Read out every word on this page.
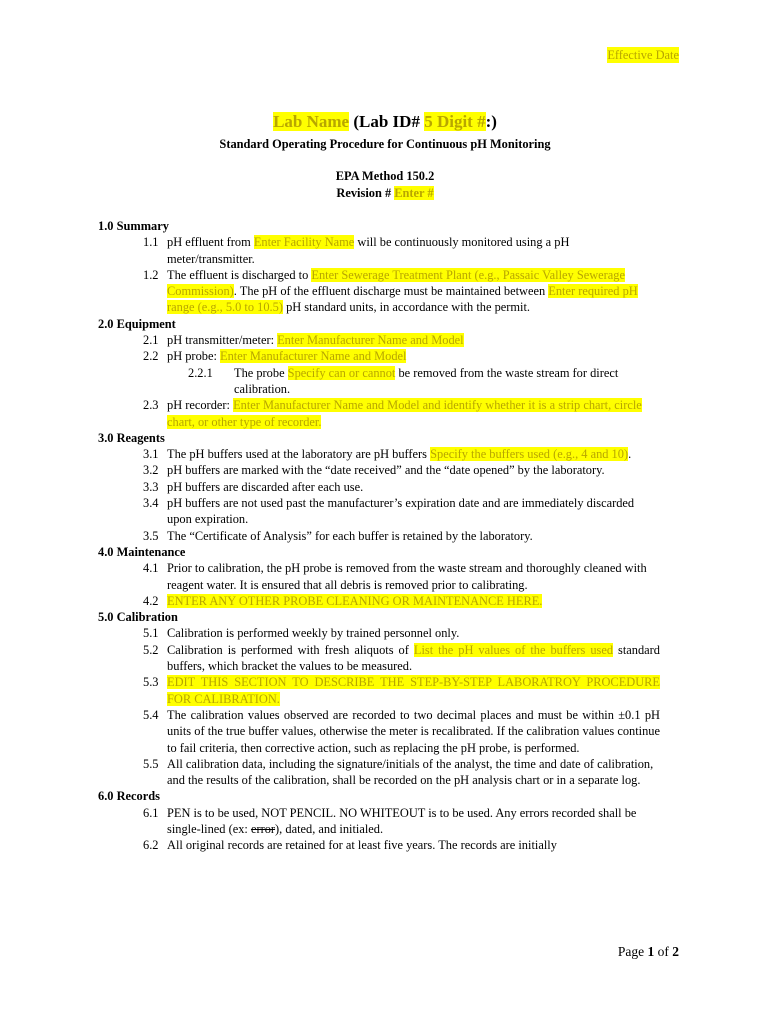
Effective Date
Lab Name (Lab ID# 5 Digit #:)
Standard Operating Procedure for Continuous pH Monitoring
EPA Method 150.2
Revision # Enter #
1.0 Summary
1.1 pH effluent from Enter Facility Name will be continuously monitored using a pH meter/transmitter.
1.2 The effluent is discharged to Enter Sewerage Treatment Plant (e.g., Passaic Valley Sewerage Commission). The pH of the effluent discharge must be maintained between Enter required pH range (e.g., 5.0 to 10.5) pH standard units, in accordance with the permit.
2.0 Equipment
2.1 pH transmitter/meter: Enter Manufacturer Name and Model
2.2 pH probe: Enter Manufacturer Name and Model
2.2.1	The probe Specify can or cannot be removed from the waste stream for direct calibration.
2.3 pH recorder: Enter Manufacturer Name and Model and identify whether it is a strip chart, circle chart, or other type of recorder.
3.0 Reagents
3.1 The pH buffers used at the laboratory are pH buffers Specify the buffers used (e.g., 4 and 10).
3.2 pH buffers are marked with the “date received” and the “date opened” by the laboratory.
3.3 pH buffers are discarded after each use.
3.4 pH buffers are not used past the manufacturer’s expiration date and are immediately discarded upon expiration.
3.5 The “Certificate of Analysis” for each buffer is retained by the laboratory.
4.0 Maintenance
4.1 Prior to calibration, the pH probe is removed from the waste stream and thoroughly cleaned with reagent water. It is ensured that all debris is removed prior to calibrating.
4.2 ENTER ANY OTHER PROBE CLEANING OR MAINTENANCE HERE.
5.0 Calibration
5.1 Calibration is performed weekly by trained personnel only.
5.2 Calibration is performed with fresh aliquots of List the pH values of the buffers used standard buffers, which bracket the values to be measured.
5.3 EDIT THIS SECTION TO DESCRIBE THE STEP-BY-STEP LABORATROY PROCEDURE FOR CALIBRATION.
5.4 The calibration values observed are recorded to two decimal places and must be within ±0.1 pH units of the true buffer values, otherwise the meter is recalibrated. If the calibration values continue to fail criteria, then corrective action, such as replacing the pH probe, is performed.
5.5 All calibration data, including the signature/initials of the analyst, the time and date of calibration, and the results of the calibration, shall be recorded on the pH analysis chart or in a separate log.
6.0 Records
6.1 PEN is to be used, NOT PENCIL. NO WHITEOUT is to be used. Any errors recorded shall be single-lined (ex: error), dated, and initialed.
6.2 All original records are retained for at least five years. The records are initially
Page 1 of 2
